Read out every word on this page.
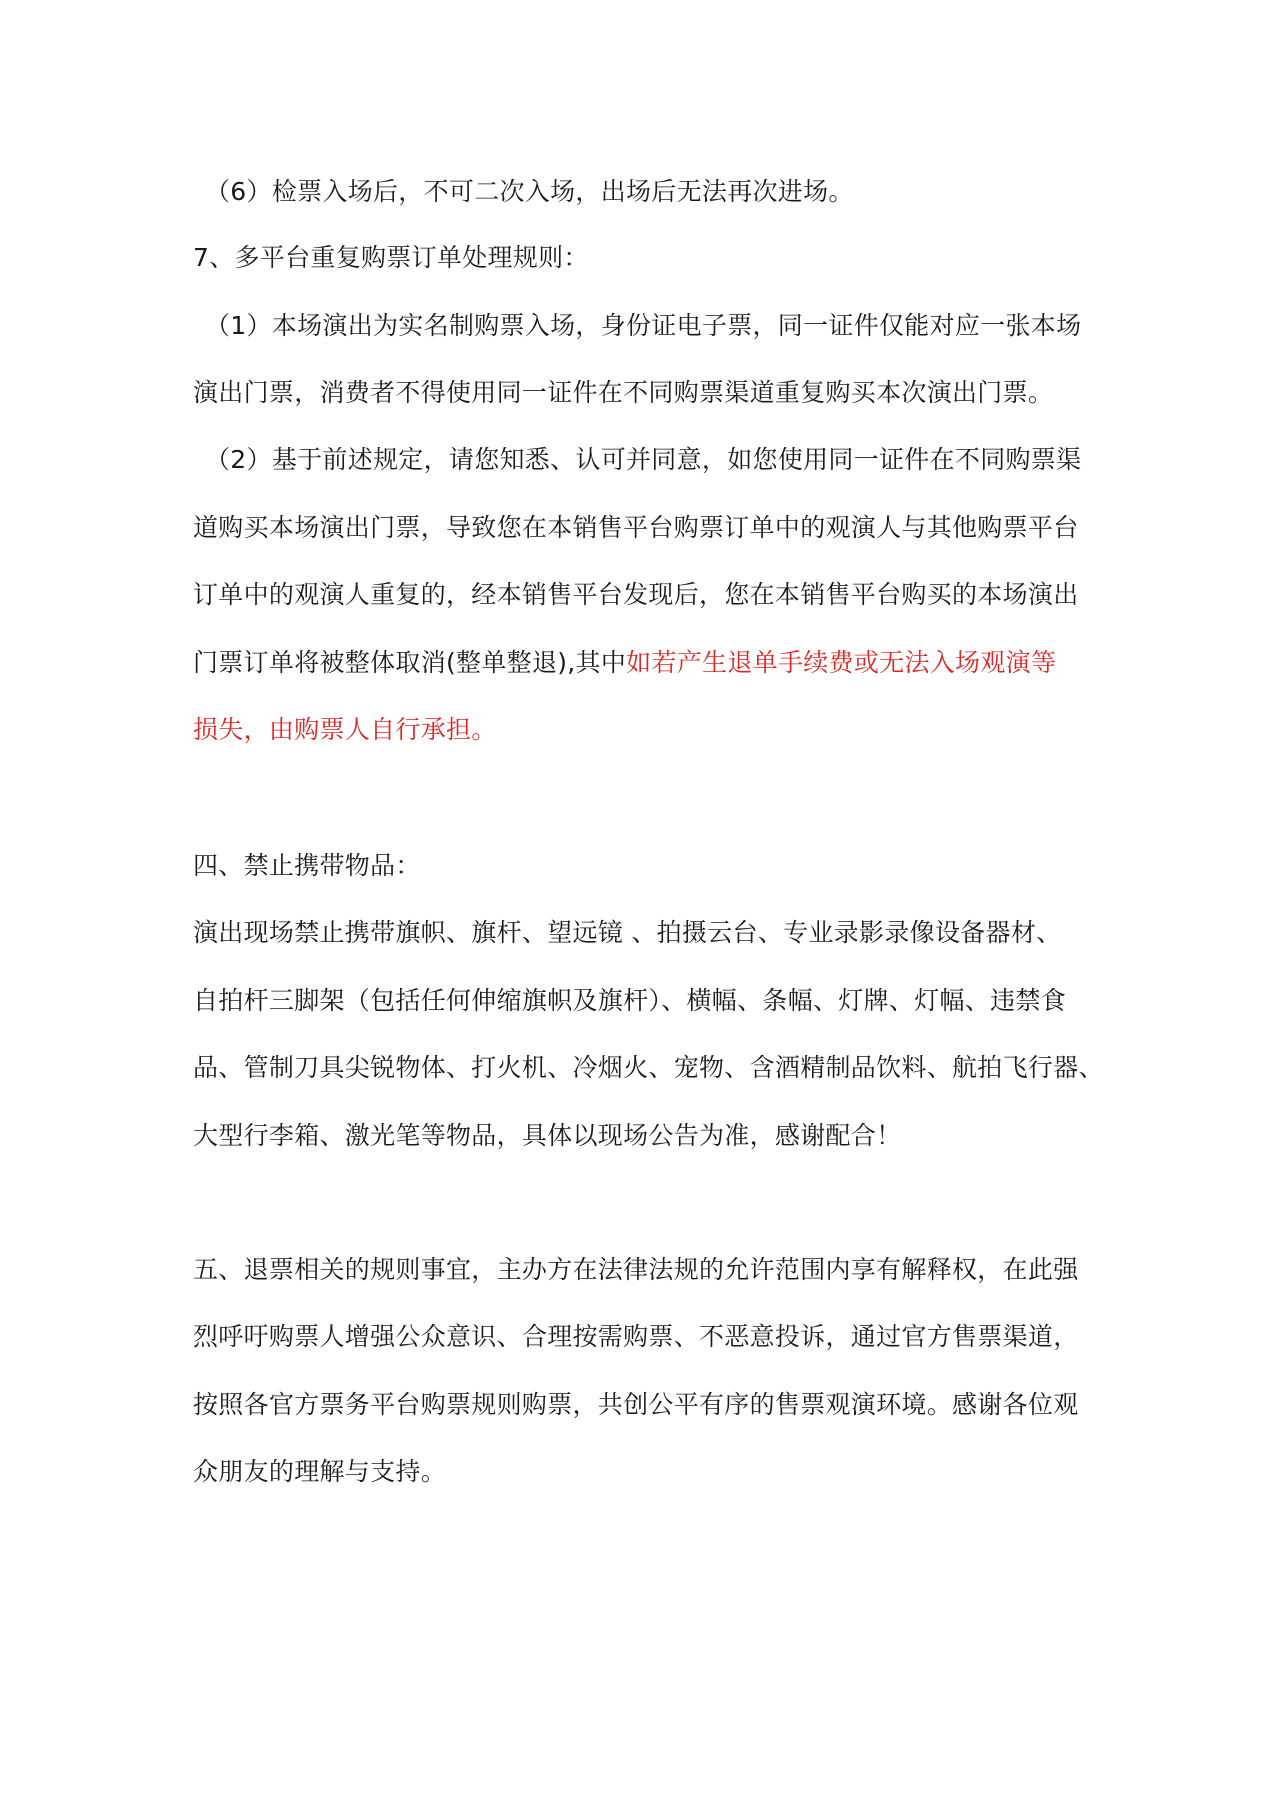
（6）检票入场后，不可二次入场，出场后无法再次进场。
7、多平台重复购票订单处理规则：
（1）本场演出为实名制购票入场，身份证电子票，同一证件仅能对应一张本场
演出门票，消费者不得使用同一证件在不同购票渠道重复购买本次演出门票。
（2）基于前述规定，请您知悉、认可并同意，如您使用同一证件在不同购票渠
道购买本场演出门票，导致您在本销售平台购票订单中的观演人与其他购票平台
订单中的观演人重复的，经本销售平台发现后，您在本销售平台购买的本场演出
门票订单将被整体取消(整单整退),其中如若产生退单手续费或无法入场观演等
损失，由购票人自行承担。
四、禁止携带物品：
演出现场禁止携带旗帜、旗杆、望远镜 、拍摄云台、专业录影录像设备器材、
自拍杆三脚架（包括任何伸缩旗帜及旗杆）、横幅、条幅、灯牌、灯幅、违禁食
品、管制刀具尖锐物体、打火机、冷烟火、宠物、含酒精制品饮料、航拍飞行器、
大型行李箱、激光笔等物品，具体以现场公告为准，感谢配合！
五、退票相关的规则事宜，主办方在法律法规的允许范围内享有解释权，在此强
烈呼吁购票人增强公众意识、合理按需购票、不恶意投诉，通过官方售票渠道，
按照各官方票务平台购票规则购票，共创公平有序的售票观演环境。感谢各位观
众朋友的理解与支持。
